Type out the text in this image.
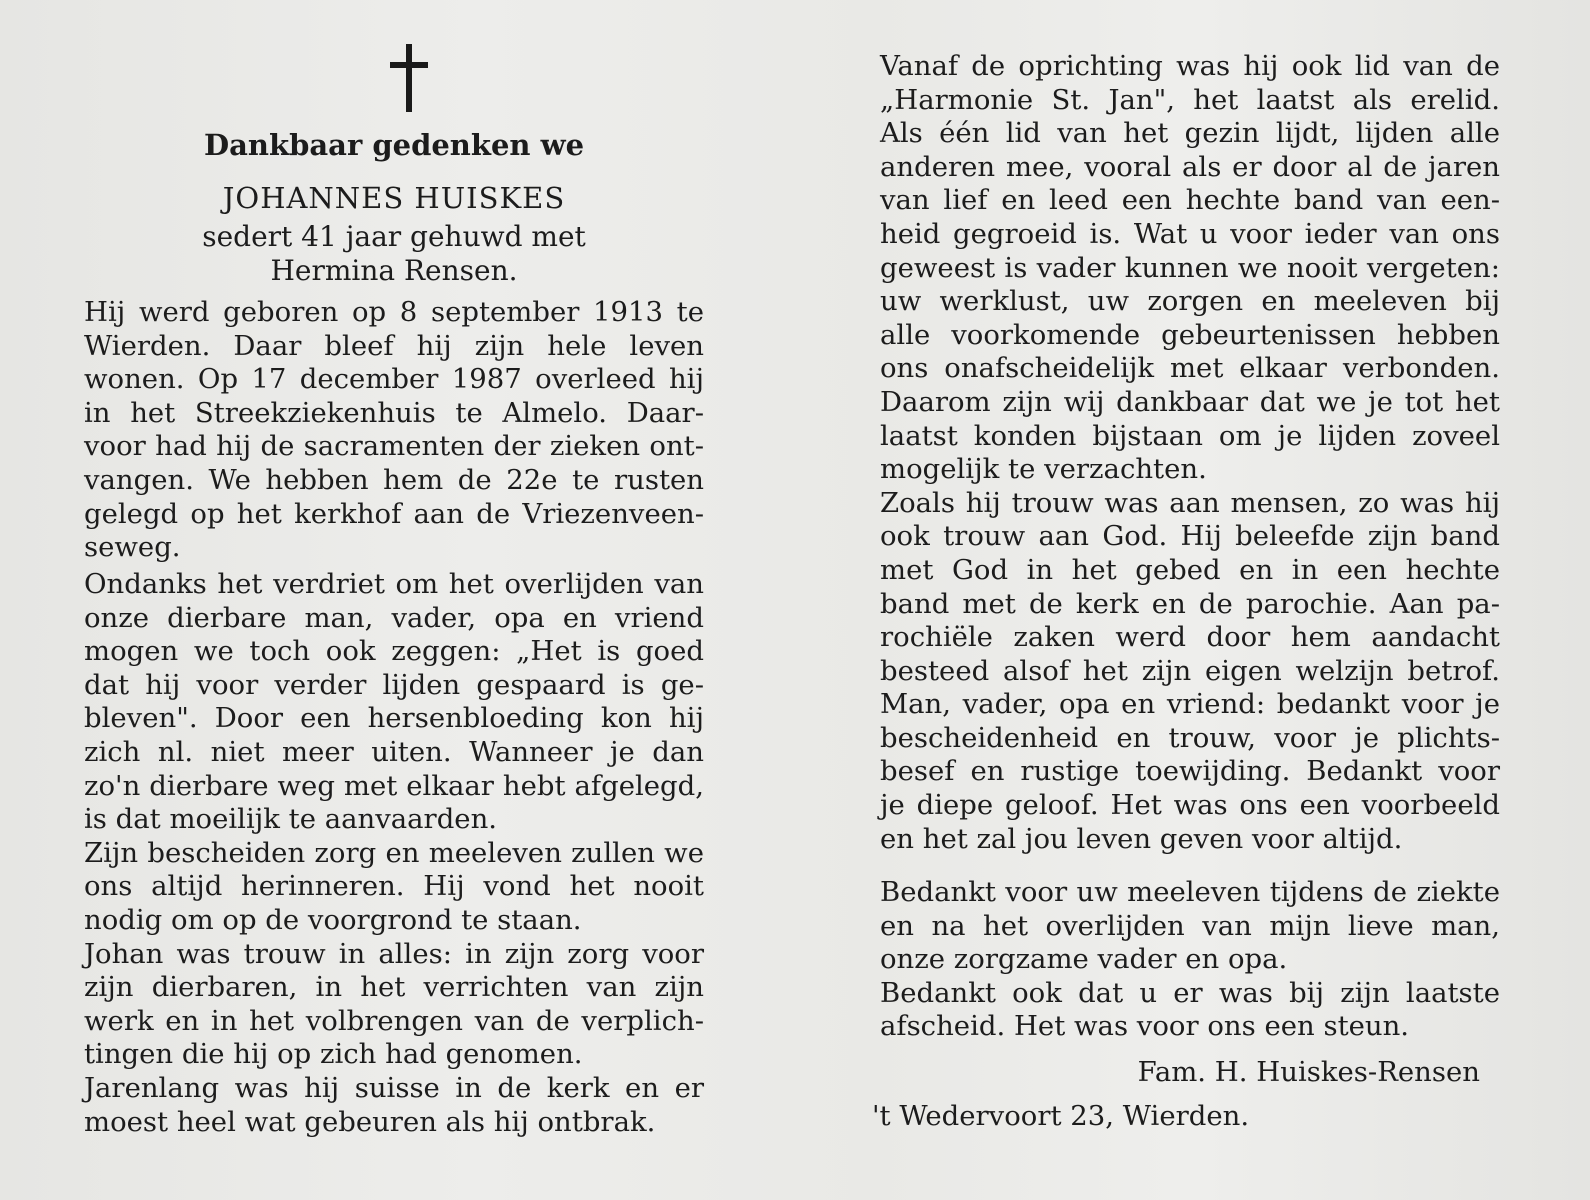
Dankbaar gedenken we
JOHANNES HUISKES
sedert 41 jaar gehuwd met
Hermina Rensen.
Hij werd geboren op 8 september 1913 te
Wierden. Daar bleef hij zijn hele leven
wonen. Op 17 december 1987 overleed hij
in het Streekziekenhuis te Almelo. Daar-
voor had hij de sacramenten der zieken ont-
vangen. We hebben hem de 22e te rusten
gelegd op het kerkhof aan de Vriezenveen-
seweg.
Ondanks het verdriet om het overlijden van
onze dierbare man, vader, opa en vriend
mogen we toch ook zeggen: „Het is goed
dat hij voor verder lijden gespaard is ge-
bleven". Door een hersenbloeding kon hij
zich nl. niet meer uiten. Wanneer je dan
zo'n dierbare weg met elkaar hebt afgelegd,
is dat moeilijk te aanvaarden.
Zijn bescheiden zorg en meeleven zullen we
ons altijd herinneren. Hij vond het nooit
nodig om op de voorgrond te staan.
Johan was trouw in alles: in zijn zorg voor
zijn dierbaren, in het verrichten van zijn
werk en in het volbrengen van de verplich-
tingen die hij op zich had genomen.
Jarenlang was hij suisse in de kerk en er
moest heel wat gebeuren als hij ontbrak.
Vanaf de oprichting was hij ook lid van de
„Harmonie St. Jan", het laatst als erelid.
Als één lid van het gezin lijdt, lijden alle
anderen mee, vooral als er door al de jaren
van lief en leed een hechte band van een-
heid gegroeid is. Wat u voor ieder van ons
geweest is vader kunnen we nooit vergeten:
uw werklust, uw zorgen en meeleven bij
alle voorkomende gebeurtenissen hebben
ons onafscheidelijk met elkaar verbonden.
Daarom zijn wij dankbaar dat we je tot het
laatst konden bijstaan om je lijden zoveel
mogelijk te verzachten.
Zoals hij trouw was aan mensen, zo was hij
ook trouw aan God. Hij beleefde zijn band
met God in het gebed en in een hechte
band met de kerk en de parochie. Aan pa-
rochiële zaken werd door hem aandacht
besteed alsof het zijn eigen welzijn betrof.
Man, vader, opa en vriend: bedankt voor je
bescheidenheid en trouw, voor je plichts-
besef en rustige toewijding. Bedankt voor
je diepe geloof. Het was ons een voorbeeld
en het zal jou leven geven voor altijd.
Bedankt voor uw meeleven tijdens de ziekte
en na het overlijden van mijn lieve man,
onze zorgzame vader en opa.
Bedankt ook dat u er was bij zijn laatste
afscheid. Het was voor ons een steun.
Fam. H. Huiskes-Rensen
't Wedervoort 23, Wierden.
